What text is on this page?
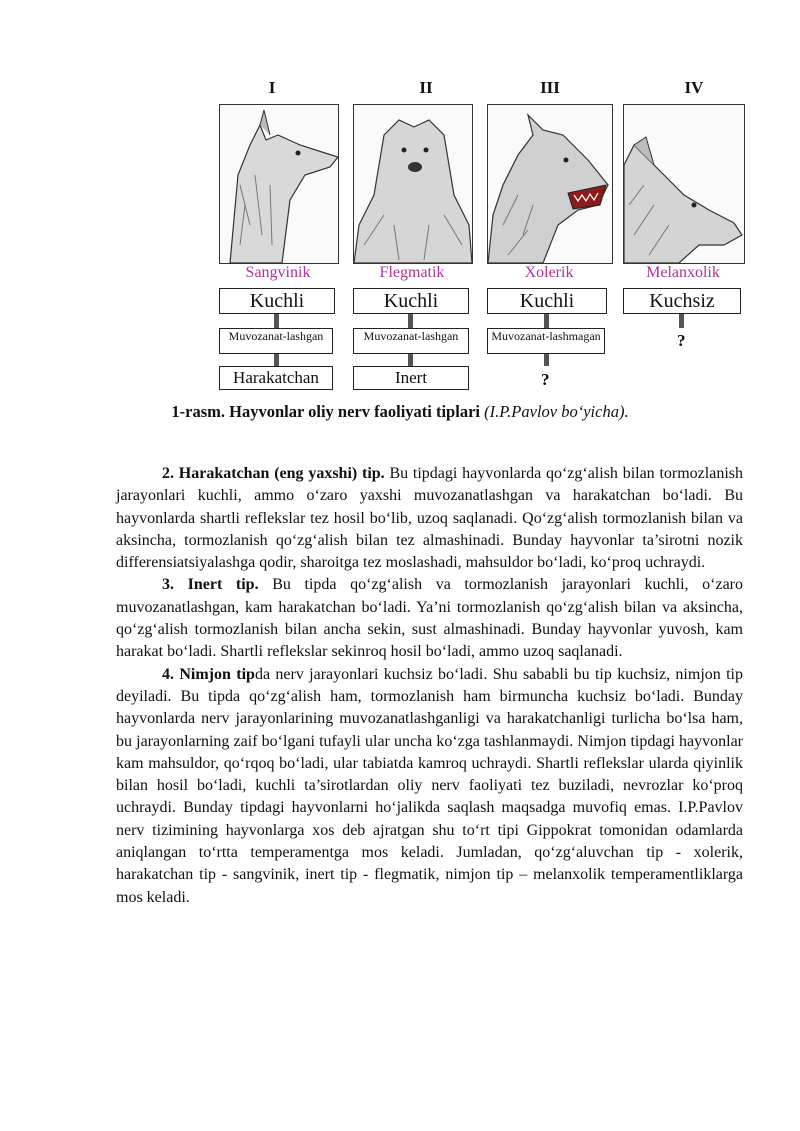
I	II	III	IV
Sangvinik	Flegmatik	Xolerik	Melanxolik
Kuchli	Kuchli	Kuchli	Kuchsiz
Muvozanat-lashgan	Muvozanat-lashgan	Muvozanat-lashmagan	?
Harakatchan	Inert	?
1-rasm. Hayvonlar oliy nerv faoliyati tiplari (I.P.Pavlov bo‘yicha).

2. Harakatchan (eng yaxshi) tip. Bu tipdagi hayvonlarda qo‘zg‘alish bilan tormozlanish jarayonlari kuchli, ammo o‘zaro yaxshi muvozanatlashgan va harakatchan bo‘ladi. Bu hayvonlarda shartli reflekslar tez hosil bo‘lib, uzoq saqlanadi. Qo‘zg‘alish tormozlanish bilan va aksincha, tormozlanish qo‘zg‘alish bilan tez almashinadi. Bunday hayvonlar ta’sirotni nozik differensiatsiyalashga qodir, sharoitga tez moslashadi, mahsuldor bo‘ladi, ko‘proq uchraydi.

3. Inert tip. Bu tipda qo‘zg‘alish va tormozlanish jarayonlari kuchli, o‘zaro muvozanatlashgan, kam harakatchan bo‘ladi. Ya’ni tormozlanish qo‘zg‘alish bilan va aksincha, qo‘zg‘alish tormozlanish bilan ancha sekin, sust almashinadi. Bunday hayvonlar yuvosh, kam harakat bo‘ladi. Shartli reflekslar sekinroq hosil bo‘ladi, ammo uzoq saqlanadi.

4. Nimjon tipda nerv jarayonlari kuchsiz bo‘ladi. Shu sababli bu tip kuchsiz, nimjon tip deyiladi. Bu tipda qo‘zg‘alish ham, tormozlanish ham birmuncha kuchsiz bo‘ladi. Bunday hayvonlarda nerv jarayonlarining muvozanatlashganligi va harakatchanligi turlicha bo‘lsa ham, bu jarayonlarning zaif bo‘lgani tufayli ular uncha ko‘zga tashlanmaydi. Nimjon tipdagi hayvonlar kam mahsuldor, qo‘rqoq bo‘ladi, ular tabiatda kamroq uchraydi. Shartli reflekslar ularda qiyinlik bilan hosil bo‘ladi, kuchli ta’sirotlardan oliy nerv faoliyati tez buziladi, nevrozlar ko‘proq uchraydi. Bunday tipdagi hayvonlarni ho‘jalikda saqlash maqsadga muvofiq emas. I.P.Pavlov nerv tizimining hayvonlarga xos deb ajratgan shu to‘rt tipi Gippokrat tomonidan odamlarda aniqlangan to‘rtta temperamentga mos keladi. Jumladan, qo‘zg‘aluvchan tip - xolerik, harakatchan tip - sangvinik, inert tip - flegmatik, nimjon tip – melanxolik temperamentliklarga mos keladi.
